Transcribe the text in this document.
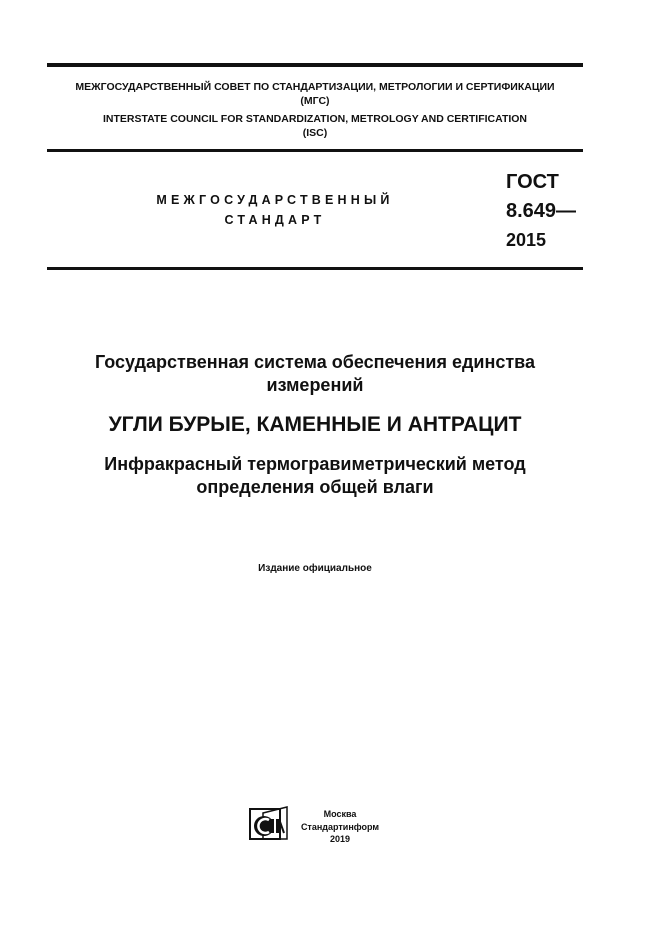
МЕЖГОСУДАРСТВЕННЫЙ СОВЕТ ПО СТАНДАРТИЗАЦИИ, МЕТРОЛОГИИ И СЕРТИФИКАЦИИ
(МГС)
INTERSTATE COUNCIL FOR STANDARDIZATION, METROLOGY AND CERTIFICATION
(ISC)
МЕЖГОСУДАРСТВЕННЫЙ
СТАНДАРТ
ГОСТ
8.649—
2015
Государственная система обеспечения единства
измерений
УГЛИ БУРЫЕ, КАМЕННЫЕ И АНТРАЦИТ
Инфракрасный термогравиметрический метод
определения общей влаги
Издание официальное
Москва
Стандартинформ
2019
